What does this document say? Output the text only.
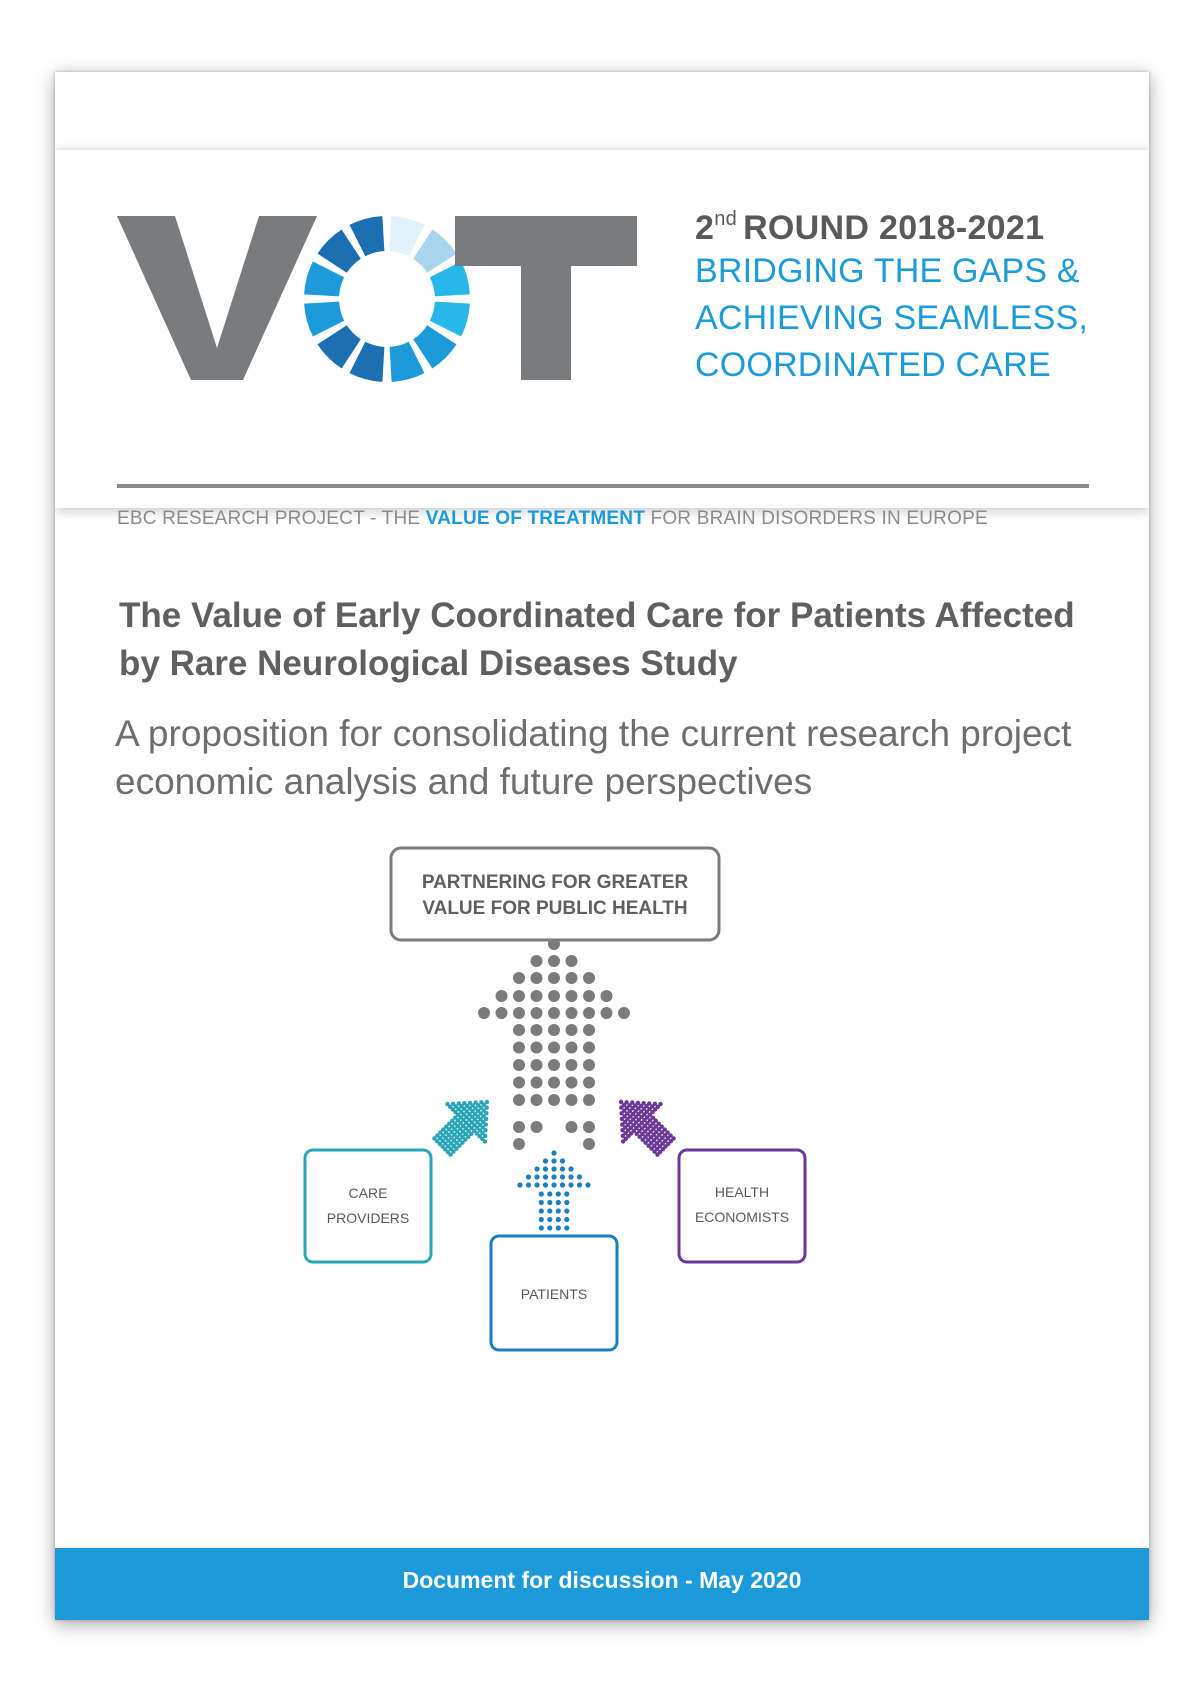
VOT	2nd ROUND 2018-2021
BRIDGING THE GAPS &
ACHIEVING SEAMLESS,
COORDINATED CARE
EBC RESEARCH PROJECT - THE VALUE OF TREATMENT FOR BRAIN DISORDERS IN EUROPE
The Value of Early Coordinated Care for Patients Affected by Rare Neurological Diseases Study
A proposition for consolidating the current research project economic analysis and future perspectives
PARTNERING FOR GREATER
VALUE FOR PUBLIC HEALTH
CARE
PROVIDERS
PATIENTS
HEALTH
ECONOMISTS
Document for discussion - May 2020
